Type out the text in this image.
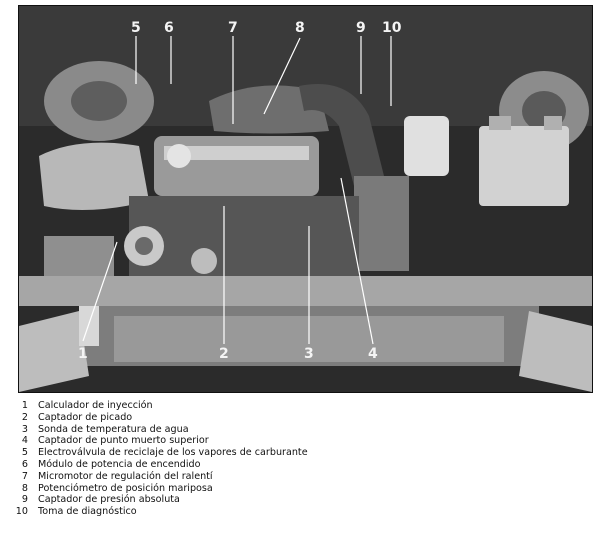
5 6	7	8	9 10
1	2	3	4
1	Calculador de inyección
2	Captador de picado
3	Sonda de temperatura de agua
4	Captador de punto muerto superior
5	Electroválvula de reciclaje de los vapores de carburante
6	Módulo de potencia de encendido
7	Micromotor de regulación del ralentí
8	Potenciómetro de posición mariposa
9	Captador de presión absoluta
10	Toma de diagnóstico
